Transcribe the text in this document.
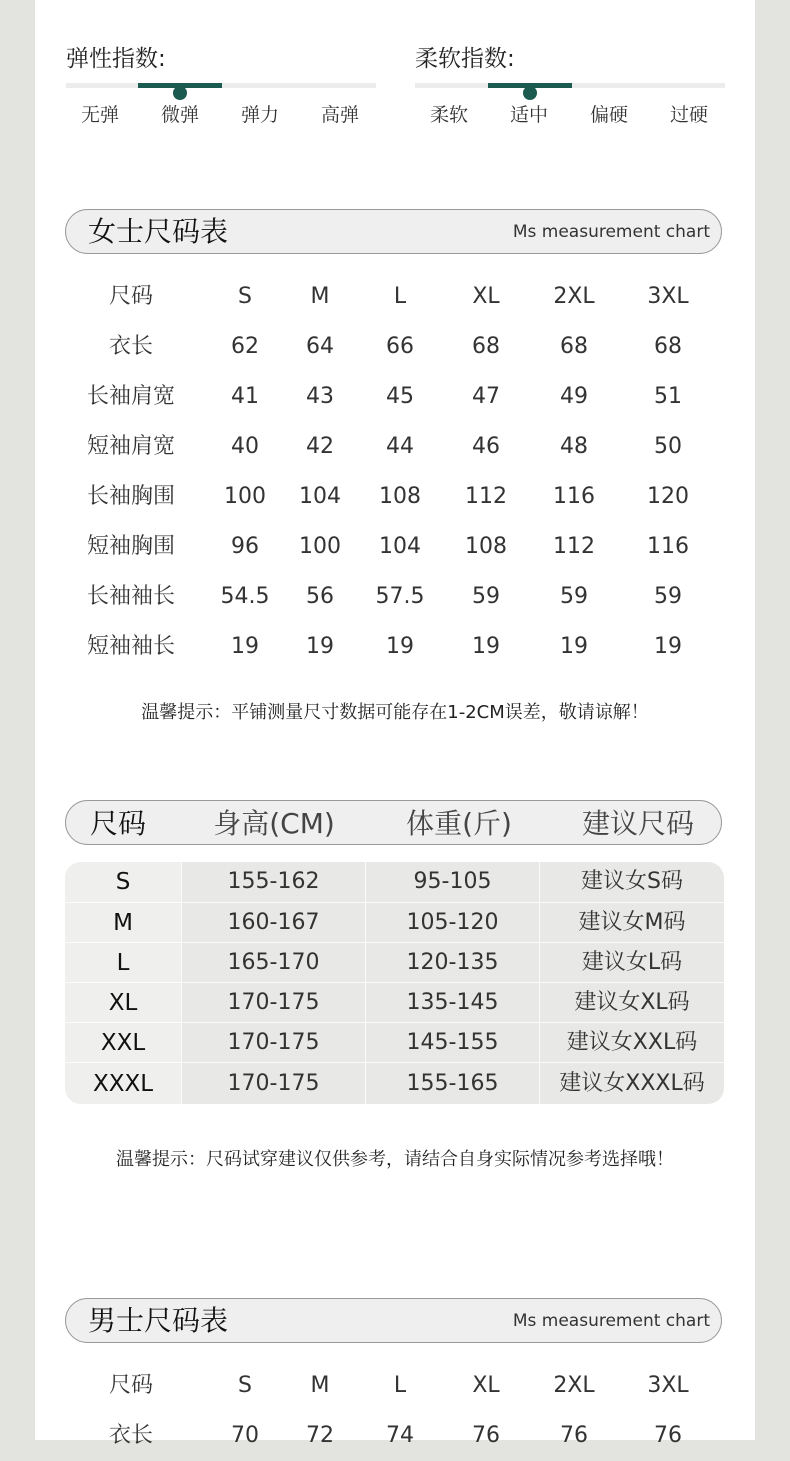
弹性指数:
无弹	微弹	弹力	高弹
柔软指数:
柔软	适中	偏硬	过硬
女士尺码表	Ms measurement chart
尺码	S	M	L	XL	2XL	3XL
衣长	62	64	66	68	68	68
长袖肩宽	41	43	45	47	49	51
短袖肩宽	40	42	44	46	48	50
长袖胸围	100	104	108	112	116	120
短袖胸围	96	100	104	108	112	116
长袖袖长	54.5	56	57.5	59	59	59
短袖袖长	19	19	19	19	19	19
温馨提示：平铺测量尺寸数据可能存在1-2CM误差，敬请谅解！
尺码	身高(CM)	体重(斤)	建议尺码
S	155-162	95-105	建议女S码
M	160-167	105-120	建议女M码
L	165-170	120-135	建议女L码
XL	170-175	135-145	建议女XL码
XXL	170-175	145-155	建议女XXL码
XXXL	170-175	155-165	建议女XXXL码
温馨提示：尺码试穿建议仅供参考，请结合自身实际情况参考选择哦！
男士尺码表	Ms measurement chart
尺码	S	M	L	XL	2XL	3XL
衣长	70	72	74	76	76	76
